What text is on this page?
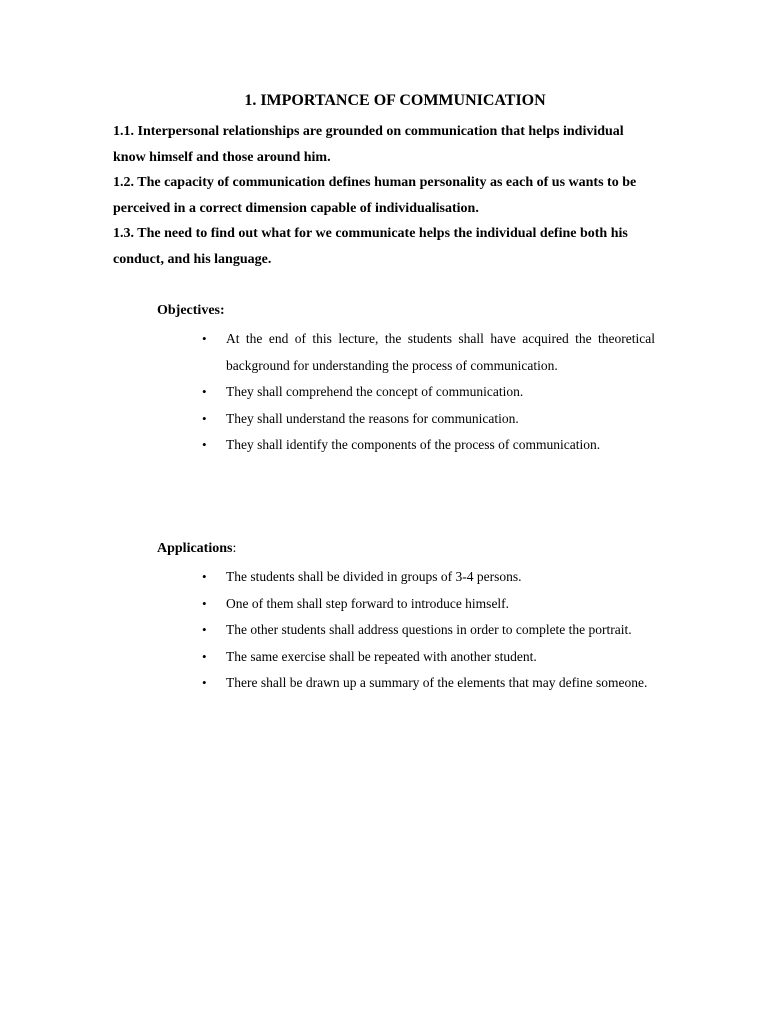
1. IMPORTANCE OF COMMUNICATION

1.1. Interpersonal relationships are grounded on communication that helps individual know himself and those around him.

1.2. The capacity of communication defines human personality as each of us wants to be perceived in a correct dimension capable of individualisation.

1.3. The need to find out what for we communicate helps the individual define both his conduct, and his language.

Objectives:

• At the end of this lecture, the students shall have acquired the theoretical background for understanding the process of communication.
• They shall comprehend the concept of communication.
• They shall understand the reasons for communication.
• They shall identify the components of the process of communication.

Applications:

• The students shall be divided in groups of 3-4 persons.
• One of them shall step forward to introduce himself.
• The other students shall address questions in order to complete the portrait.
• The same exercise shall be repeated with another student.
• There shall be drawn up a summary of the elements that may define someone.
